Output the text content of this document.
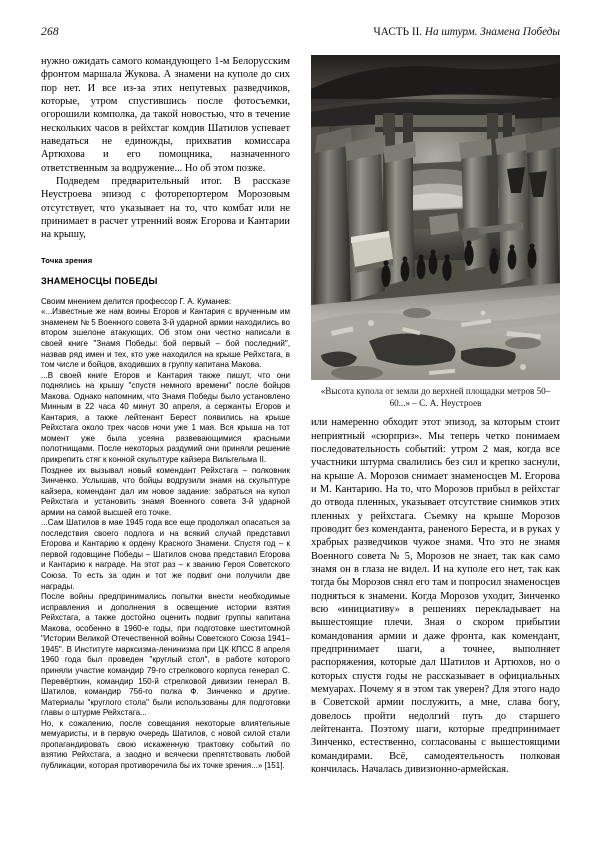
268	ЧАСТЬ II. На штурм. Знамена Победы

нужно ожидать самого командующего 1-м Белорусским фронтом маршала Жукова. А знамени на куполе до сих пор нет. И все из-за этих непутевых разведчиков, которые, утром спустившись после фотосъемки, огорошили комполка, да такой новостью, что в течение нескольких часов в рейхстаг комдив Шатилов успевает наведаться не единожды, прихватив комиссара Артюхова и его помощника, назначенного ответственным за водружение... Но об этом позже.

Подведем предварительный итог. В рассказе Неустроева эпизод с фоторепортером Морозовым отсутствует, что указывает на то, что комбат или не принимает в расчет утренний вояж Егорова и Кантарии на крышу,

Точка зрения

ЗНАМЕНОСЦЫ ПОБЕДЫ

Своим мнением делится профессор Г. А. Куманев:

«...Известные же нам воины Егоров и Кантария с врученным им знаменем № 5 Военного совета 3-й ударной армии находились во втором эшелоне атакующих. Об этом они честно написали в своей книге "Знамя Победы: бой первый – бой последний", назвав ряд имен и тех, кто уже находился на крыше Рейхстага, в том числе и бойцов, входивших в группу капитана Макова.

...В своей книге Егоров и Кантария также пишут, что они поднялись на крышу "спустя немного времени" после бойцов Макова. Однако напомним, что Знамя Победы было установлено Минным в 22 часа 40 минут 30 апреля, а сержанты Егоров и Кантария, а также лейтенант Берест появились на крыше Рейхстага около трех часов ночи уже 1 мая. Вся крыша на тот момент уже была усеяна развевающимися красными полотнищами. После некоторых раздумий они приняли решение прикрепить стяг к конной скульптуре кайзера Вильгельма II.

Позднее их вызывал новый комендант Рейхстага – полковник Зинченко. Услышав, что бойцы водрузили знамя на скульптуре кайзера, комендант дал им новое задание: забраться на купол Рейхстага и установить знамя Военного совета 3-й ударной армии на самой высшей его точке.

...Сам Шатилов в мае 1945 года все еще продолжал опасаться за последствия своего подлога и на всякий случай представил Егорова и Кантарию к ордену Красного Знамени. Спустя год – к первой годовщине Победы – Шатилов снова представил Егорова и Кантарию к награде. На этот раз – к званию Героя Советского Союза. То есть за один и тот же подвиг они получили две награды.

После войны предпринимались попытки внести необходимые исправления и дополнения в освещение истории взятия Рейхстага, а также достойно оценить подвиг группы капитана Макова, особенно в 1960-е годы, при подготовке шеститомной "Истории Великой Отечественной войны Советского Союза 1941–1945". В Институте марксизма-ленинизма при ЦК КПСС 8 апреля 1960 года был проведен "круглый стол", в работе которого приняли участие командир 79-го стрелкового корпуса генерал С. Перевёрткин, командир 150-й стрелковой дивизии генерал В. Шатилов, командир 756-го полка Ф. Зинченко и другие. Материалы "круглого стола" были использованы для подготовки главы о штурме Рейхстага...

Но, к сожалению, после совещания некоторые влиятельные мемуаристы, и в первую очередь Шатилов, с новой силой стали пропагандировать свою искаженную трактовку событий по взятию Рейхстага, а заодно и всячески препятствовать любой публикации, которая противоречила бы их точке зрения...» [151].

«Высота купола от земли до верхней площадки метров 50–60...» – С. А. Неустроев

или намеренно обходит этот эпизод, за которым стоит неприятный «сюрприз». Мы теперь четко понимаем последовательность событий: утром 2 мая, когда все участники штурма свалились без сил и крепко заснули, на крыше А. Морозов снимает знаменосцев М. Егорова и М. Кантарию. На то, что Морозов прибыл в рейхстаг до отвода пленных, указывает отсутствие снимков этих пленных у рейхстага. Съемку на крыше Морозов проводит без коменданта, раненого Береста, и в руках у храбрых разведчиков чужое знамя. Что это не знамя Военного совета № 5, Морозов не знает, так как само знамя он в глаза не видел. И на куполе его нет, так как тогда бы Морозов снял его там и попросил знаменосцев подняться к знамени. Когда Морозов уходит, Зинченко всю «инициативу» в решениях перекладывает на вышестоящие плечи. Зная о скором прибытии командования армии и даже фронта, как комендант, предпринимает шаги, а точнее, выполняет распоряжения, которые дал Шатилов и Артюхов, но о которых спустя годы не рассказывает в официальных мемуарах. Почему я в этом так уверен? Для этого надо в Советской армии послужить, а мне, слава богу, довелось пройти недолгий путь до старшего лейтенанта. Поэтому шаги, которые предпринимает Зинченко, естественно, согласованы с вышестоящими командирами. Всё, самодеятельность полковая кончилась. Началась дивизионно-армейская.
